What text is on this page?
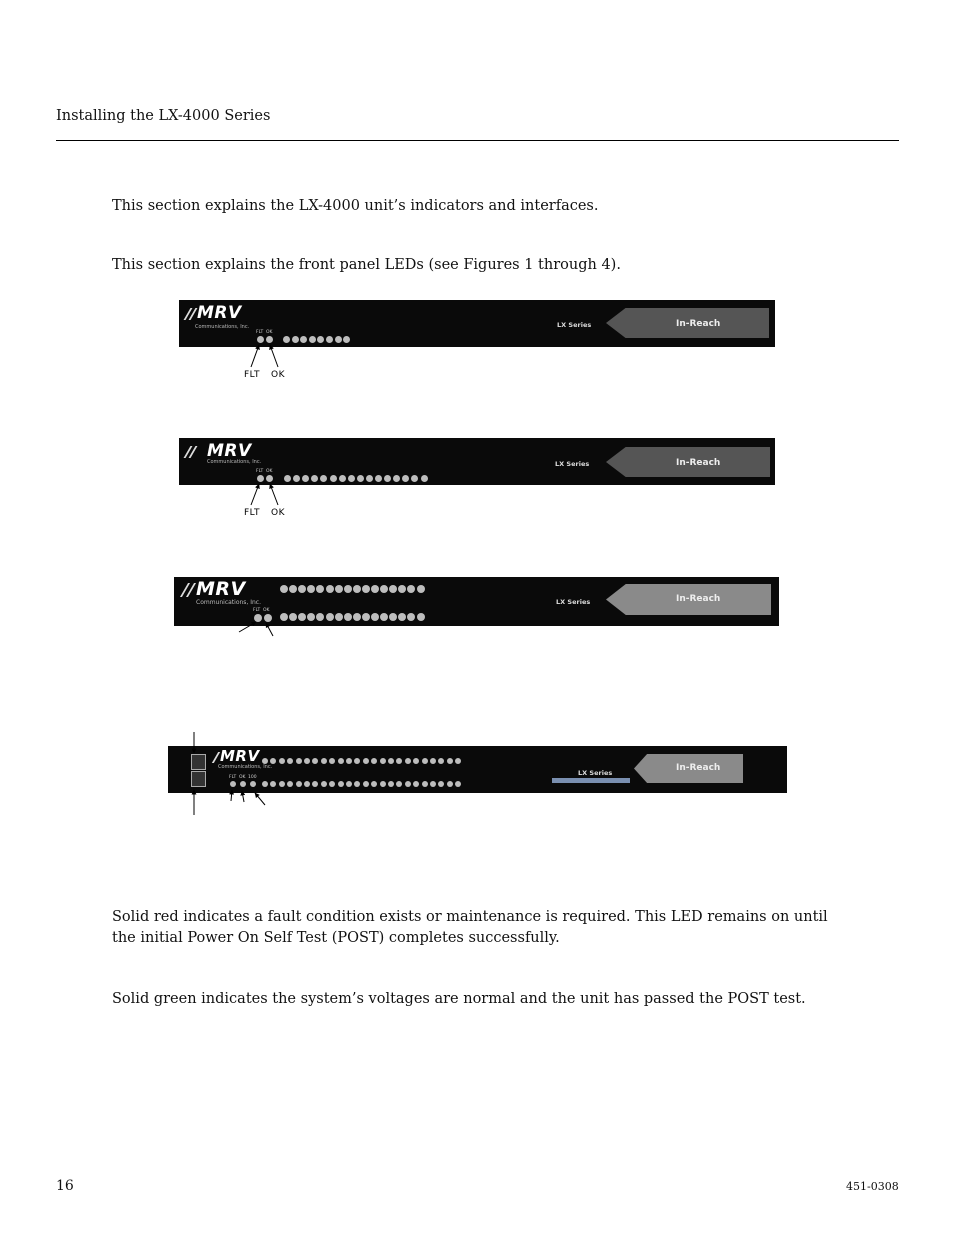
Installing the LX-4000 Series
This section explains the LX-4000 unit’s indicators and interfaces.
This section explains the front panel LEDs (see Figures 1 through 4).
MRV
Communications, Inc.
FLT OK
LX Series	In-Reach
FLT OK
MRV
Communications, Inc.
FLT OK
LX Series	In-Reach
FLT OK
MRV
Communications, Inc.
FLT OK
LX Series	In-Reach
MRV
Communications, Inc.
FLT OK 100
LX Series	In-Reach
Solid red indicates a fault condition exists or maintenance is required. This LED remains on until the initial Power On Self Test (POST) completes successfully.
Solid green indicates the system’s voltages are normal and the unit has passed the POST test.
16	451-0308
